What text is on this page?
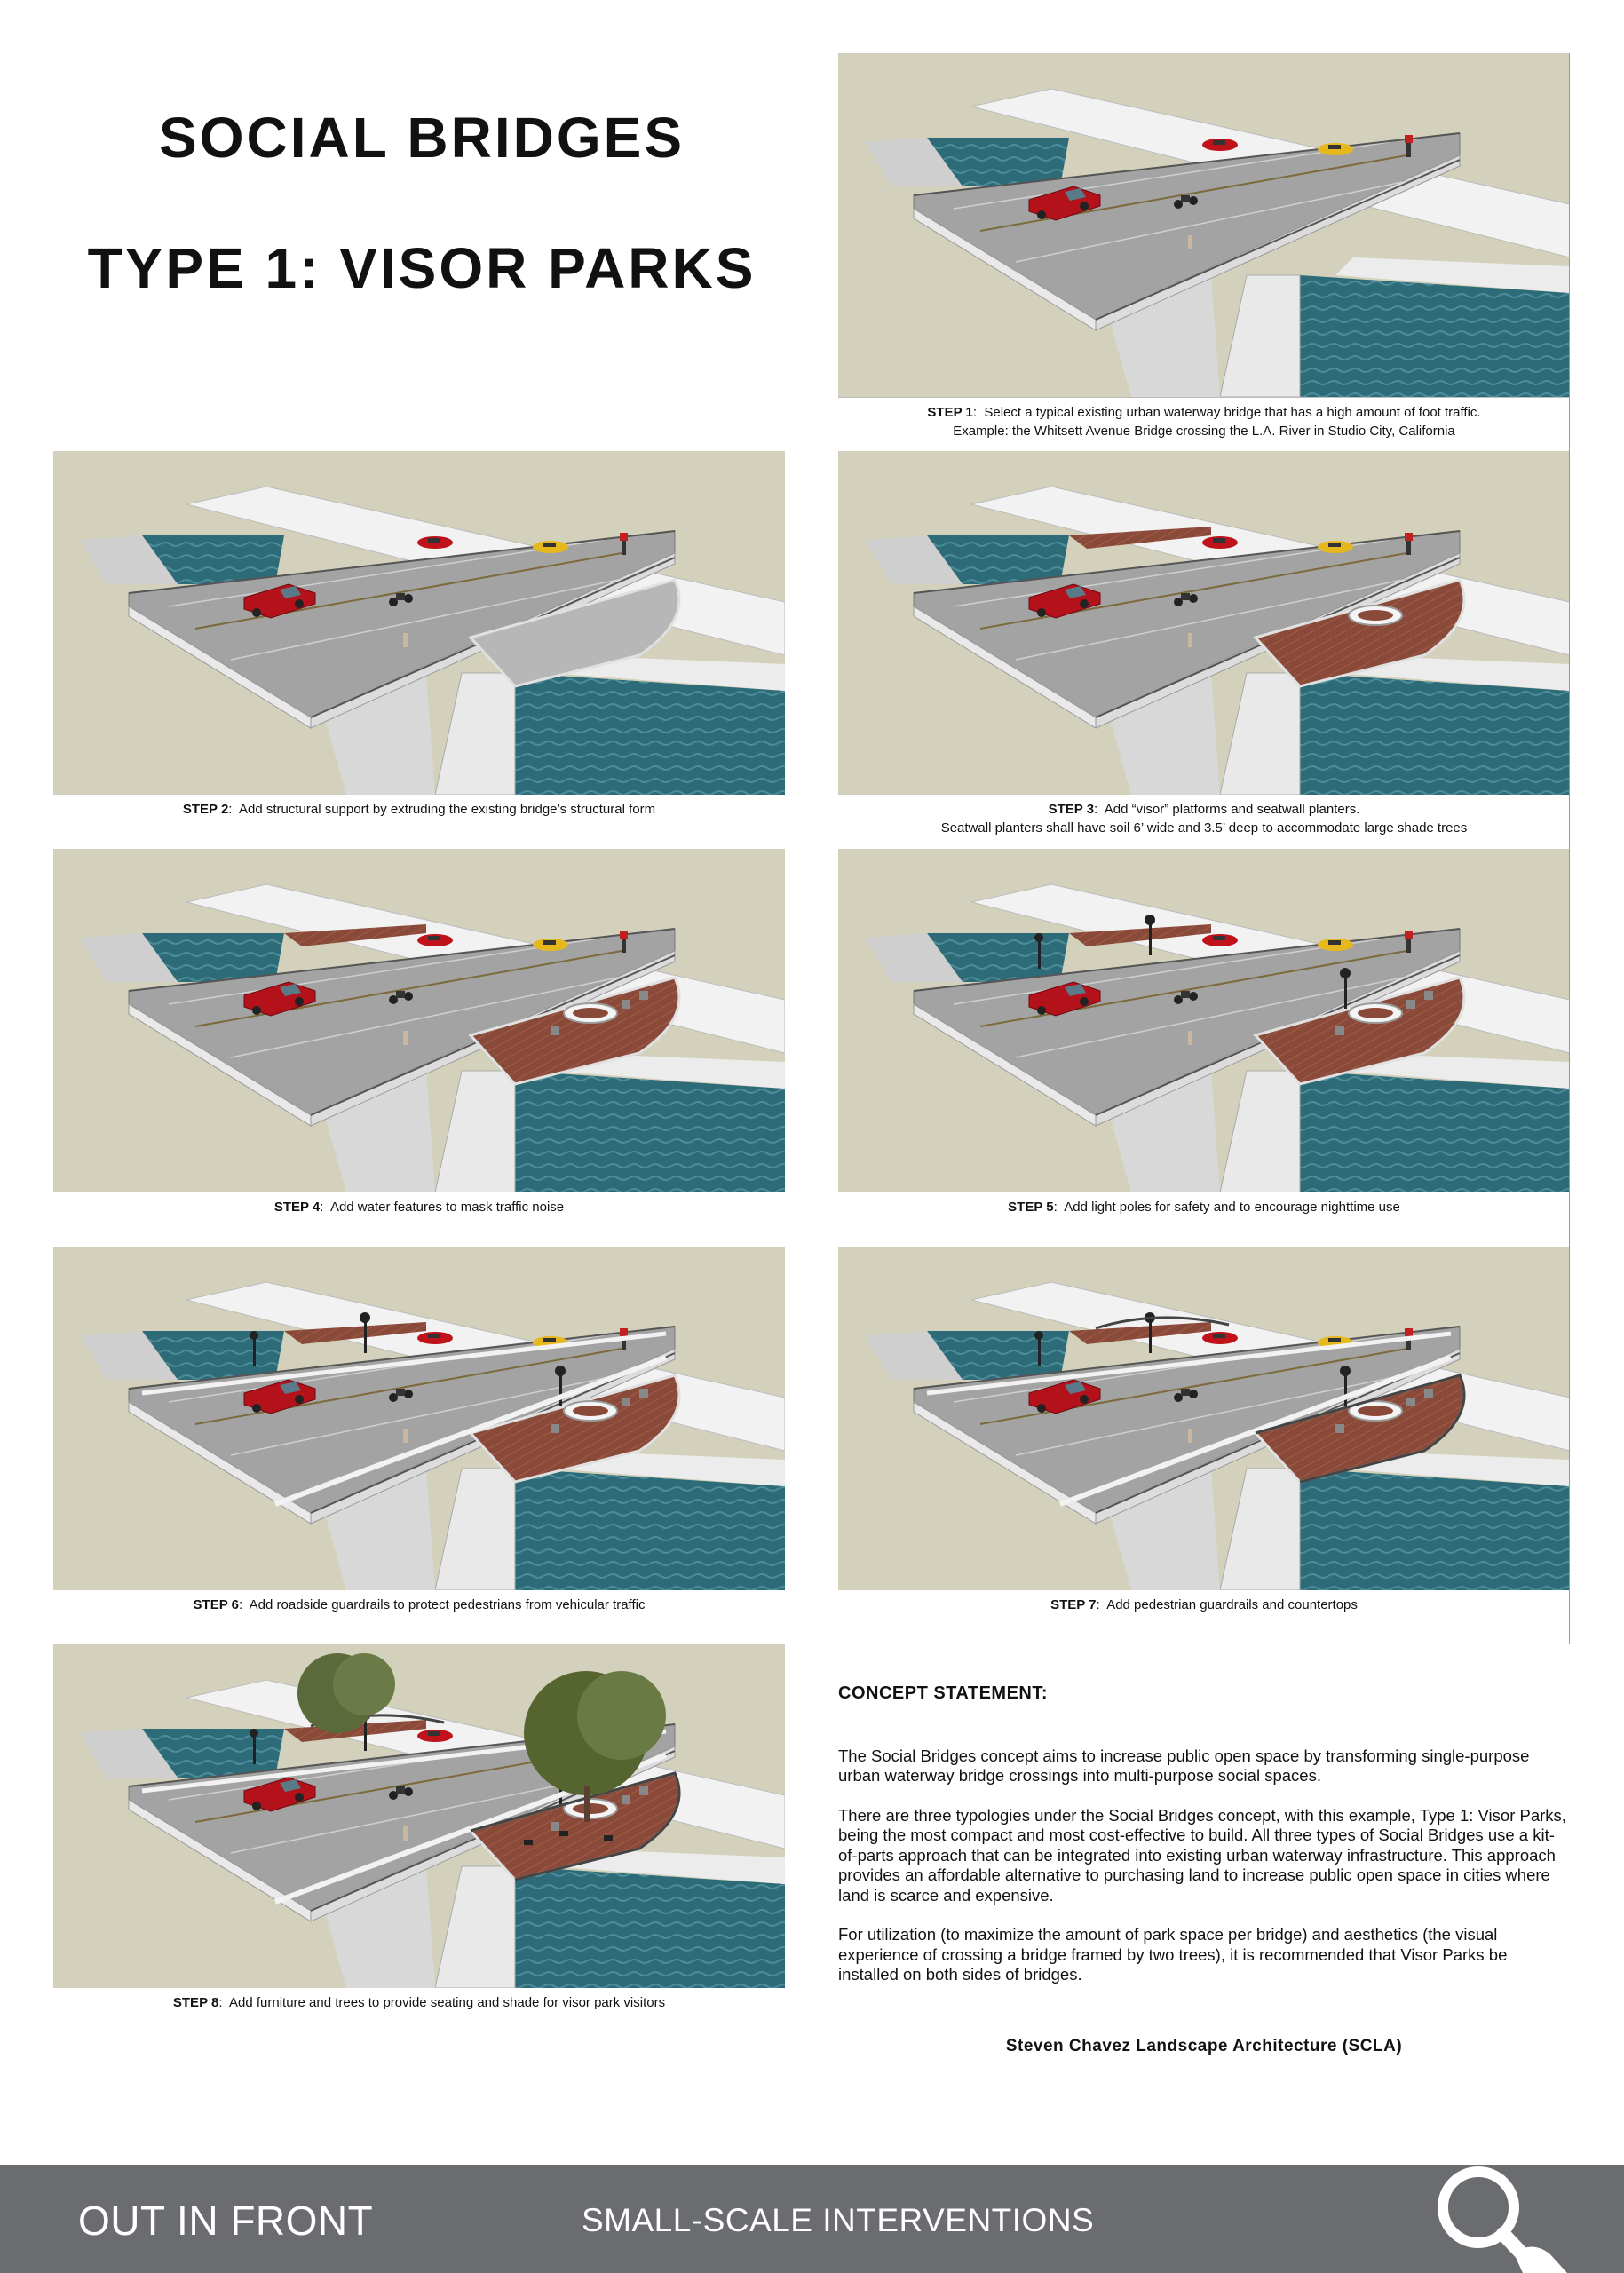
SOCIAL BRIDGES
TYPE 1: VISOR PARKS
STEP 1:  Select a typical existing urban waterway bridge that has a high amount of foot traffic.
Example: the Whitsett Avenue Bridge crossing the L.A. River in Studio City, California
STEP 2:  Add structural support by extruding the existing bridge’s structural form	STEP 3:  Add “visor” platforms and seatwall planters.
Seatwall planters shall have soil 6’ wide and 3.5’ deep to accommodate large shade trees
STEP 4:  Add water features to mask traffic noise	STEP 5:  Add light poles for safety and to encourage nighttime use
STEP 6:  Add roadside guardrails to protect pedestrians from vehicular traffic	STEP 7:  Add pedestrian guardrails and countertops
STEP 8:  Add furniture and trees to provide seating and shade for visor park visitors
CONCEPT STATEMENT:

The Social Bridges concept aims to increase public open space by transforming single-purpose urban waterway bridge crossings into multi-purpose social spaces.

There are three typologies under the Social Bridges concept, with this example, Type 1: Visor Parks, being the most compact and most cost-effective to build. All three types of Social Bridges use a kit-of-parts approach that can be integrated into existing urban waterway infrastructure. This approach provides an affordable alternative to purchasing land to increase public open space in cities where land is scarce and expensive.

For utilization (to maximize the amount of park space per bridge) and aesthetics (the visual experience of crossing a bridge framed by two trees), it is recommended that Visor Parks be installed on both sides of bridges.

Steven Chavez Landscape Architecture (SCLA)
OUT IN FRONT	SMALL-SCALE INTERVENTIONS
